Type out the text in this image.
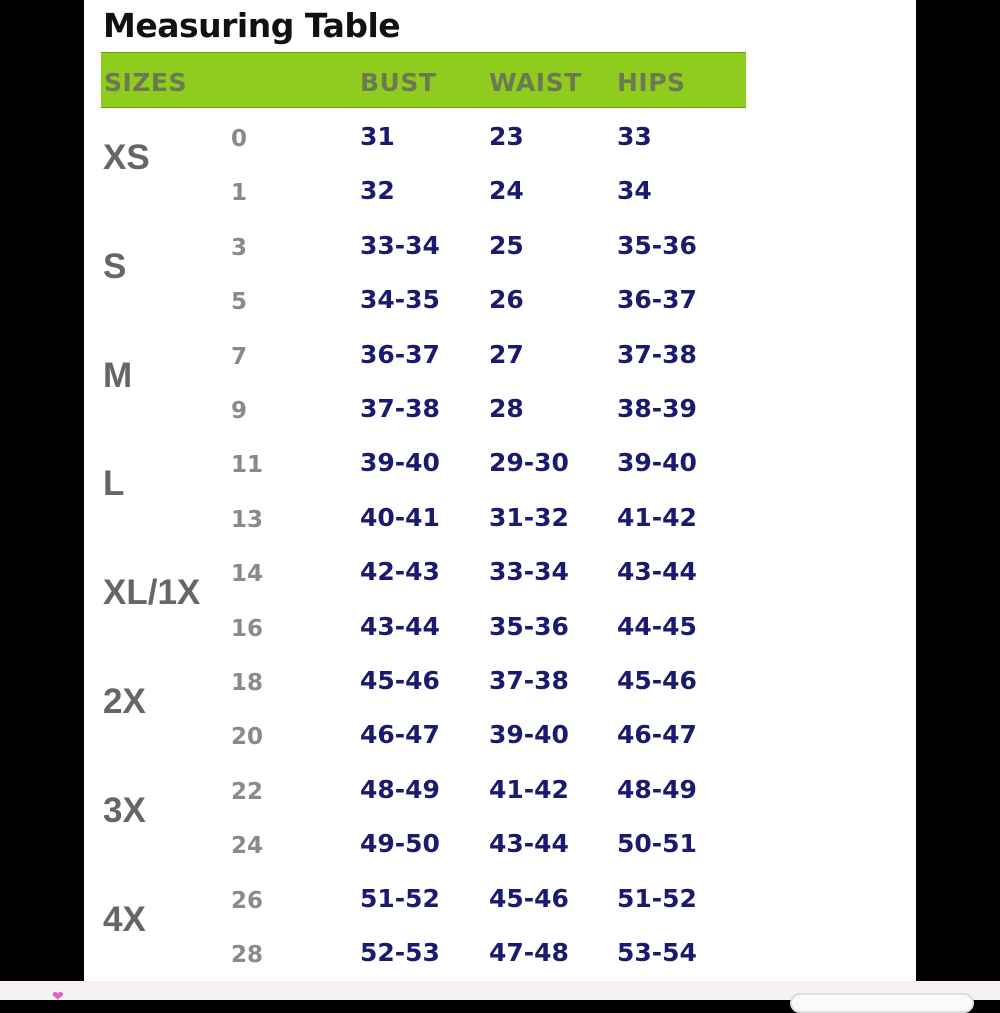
Measuring Table
SIZES	BUST WAIST HIPS
❤
XS	0	31	23	33
1	32	24	34
S	3	33-34 25	35-36
5	34-35 26	36-37
M	7	36-37 27	37-38
9	37-38 28	38-39
L	11	39-40 29-30 39-40
13	40-41 31-32 41-42
XL/1X 14	42-43 33-34 43-44
16	43-44 35-36 44-45
2X	18	45-46 37-38 45-46
20	46-47 39-40 46-47
3X	22	48-49 41-42 48-49
24	49-50 43-44 50-51
4X	26	51-52 45-46 51-52
28	52-53 47-48 53-54
